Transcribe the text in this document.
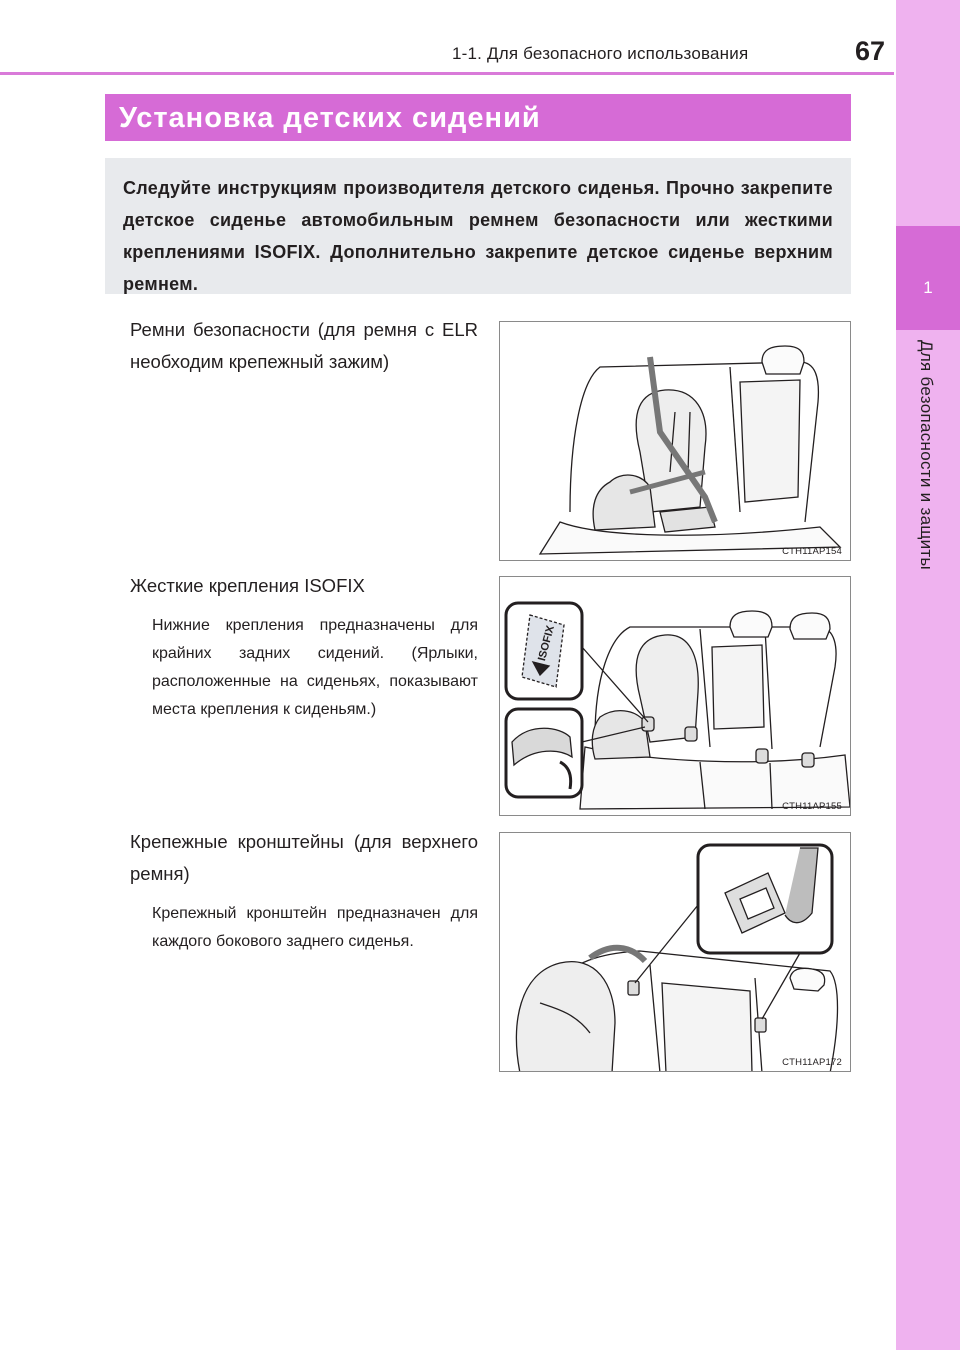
1-1. Для безопасного использования	67
1
Для безопасности и защиты
Установка детских сидений

Следуйте инструкциям производителя детского сиденья. Прочно закрепите детское сиденье автомобильным ремнем безопасности или жесткими креплениями ISOFIX. Дополнительно закрепите детское сиденье верхним ремнем.

Ремни безопасности (для ремня с ELR необходим крепежный зажим)

CTH11AP154

Жесткие крепления ISOFIX

Нижние крепления предназначены для крайних задних сидений. (Ярлыки, расположенные на сиденьях, показывают места крепления к сиденьям.)

ISOFIX
CTH11AP155

Крепежные кронштейны (для верхнего ремня)

Крепежный кронштейн предназначен для каждого бокового заднего сиденья.

CTH11AP172
